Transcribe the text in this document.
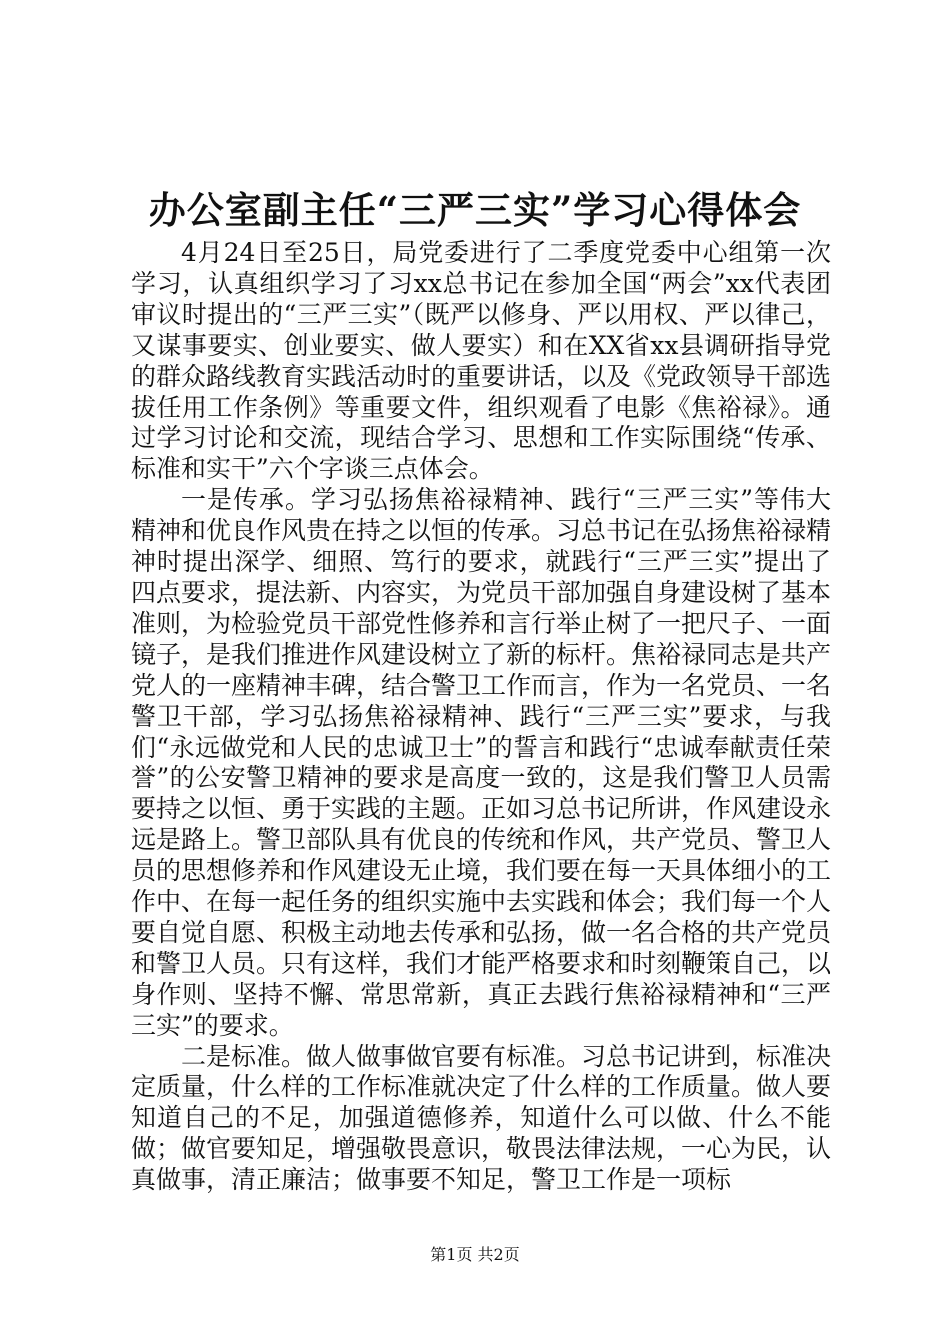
办公室副主任“三严三实”学习心得体会

4月24日至25日，局党委进行了二季度党委中心组第一次学习，认真组织学习了习xx总书记在参加全国“两会”xx代表团审议时提出的“三严三实”（既严以修身、严以用权、严以律己，又谋事要实、创业要实、做人要实）和在XX省xx县调研指导党的群众路线教育实践活动时的重要讲话，以及《党政领导干部选拔任用工作条例》等重要文件，组织观看了电影《焦裕禄》。通过学习讨论和交流，现结合学习、思想和工作实际围绕“传承、标准和实干”六个字谈三点体会。

一是传承。学习弘扬焦裕禄精神、践行“三严三实”等伟大精神和优良作风贵在持之以恒的传承。习总书记在弘扬焦裕禄精神时提出深学、细照、笃行的要求，就践行“三严三实”提出了四点要求，提法新、内容实，为党员干部加强自身建设树了基本准则，为检验党员干部党性修养和言行举止树了一把尺子、一面镜子，是我们推进作风建设树立了新的标杆。焦裕禄同志是共产党人的一座精神丰碑，结合警卫工作而言，作为一名党员、一名警卫干部，学习弘扬焦裕禄精神、践行“三严三实”要求，与我们“永远做党和人民的忠诚卫士”的誓言和践行“忠诚奉献责任荣誉”的公安警卫精神的要求是高度一致的，这是我们警卫人员需要持之以恒、勇于实践的主题。正如习总书记所讲，作风建设永远是路上。警卫部队具有优良的传统和作风，共产党员、警卫人员的思想修养和作风建设无止境，我们要在每一天具体细小的工作中、在每一起任务的组织实施中去实践和体会；我们每一个人要自觉自愿、积极主动地去传承和弘扬，做一名合格的共产党员和警卫人员。只有这样，我们才能严格要求和时刻鞭策自己，以身作则、坚持不懈、常思常新，真正去践行焦裕禄精神和“三严三实”的要求。

二是标准。做人做事做官要有标准。习总书记讲到，标准决定质量，什么样的工作标准就决定了什么样的工作质量。做人要知道自己的不足，加强道德修养，知道什么可以做、什么不能做；做官要知足，增强敬畏意识，敬畏法律法规，一心为民，认真做事，清正廉洁；做事要不知足，警卫工作是一项标

第1页 共2页
